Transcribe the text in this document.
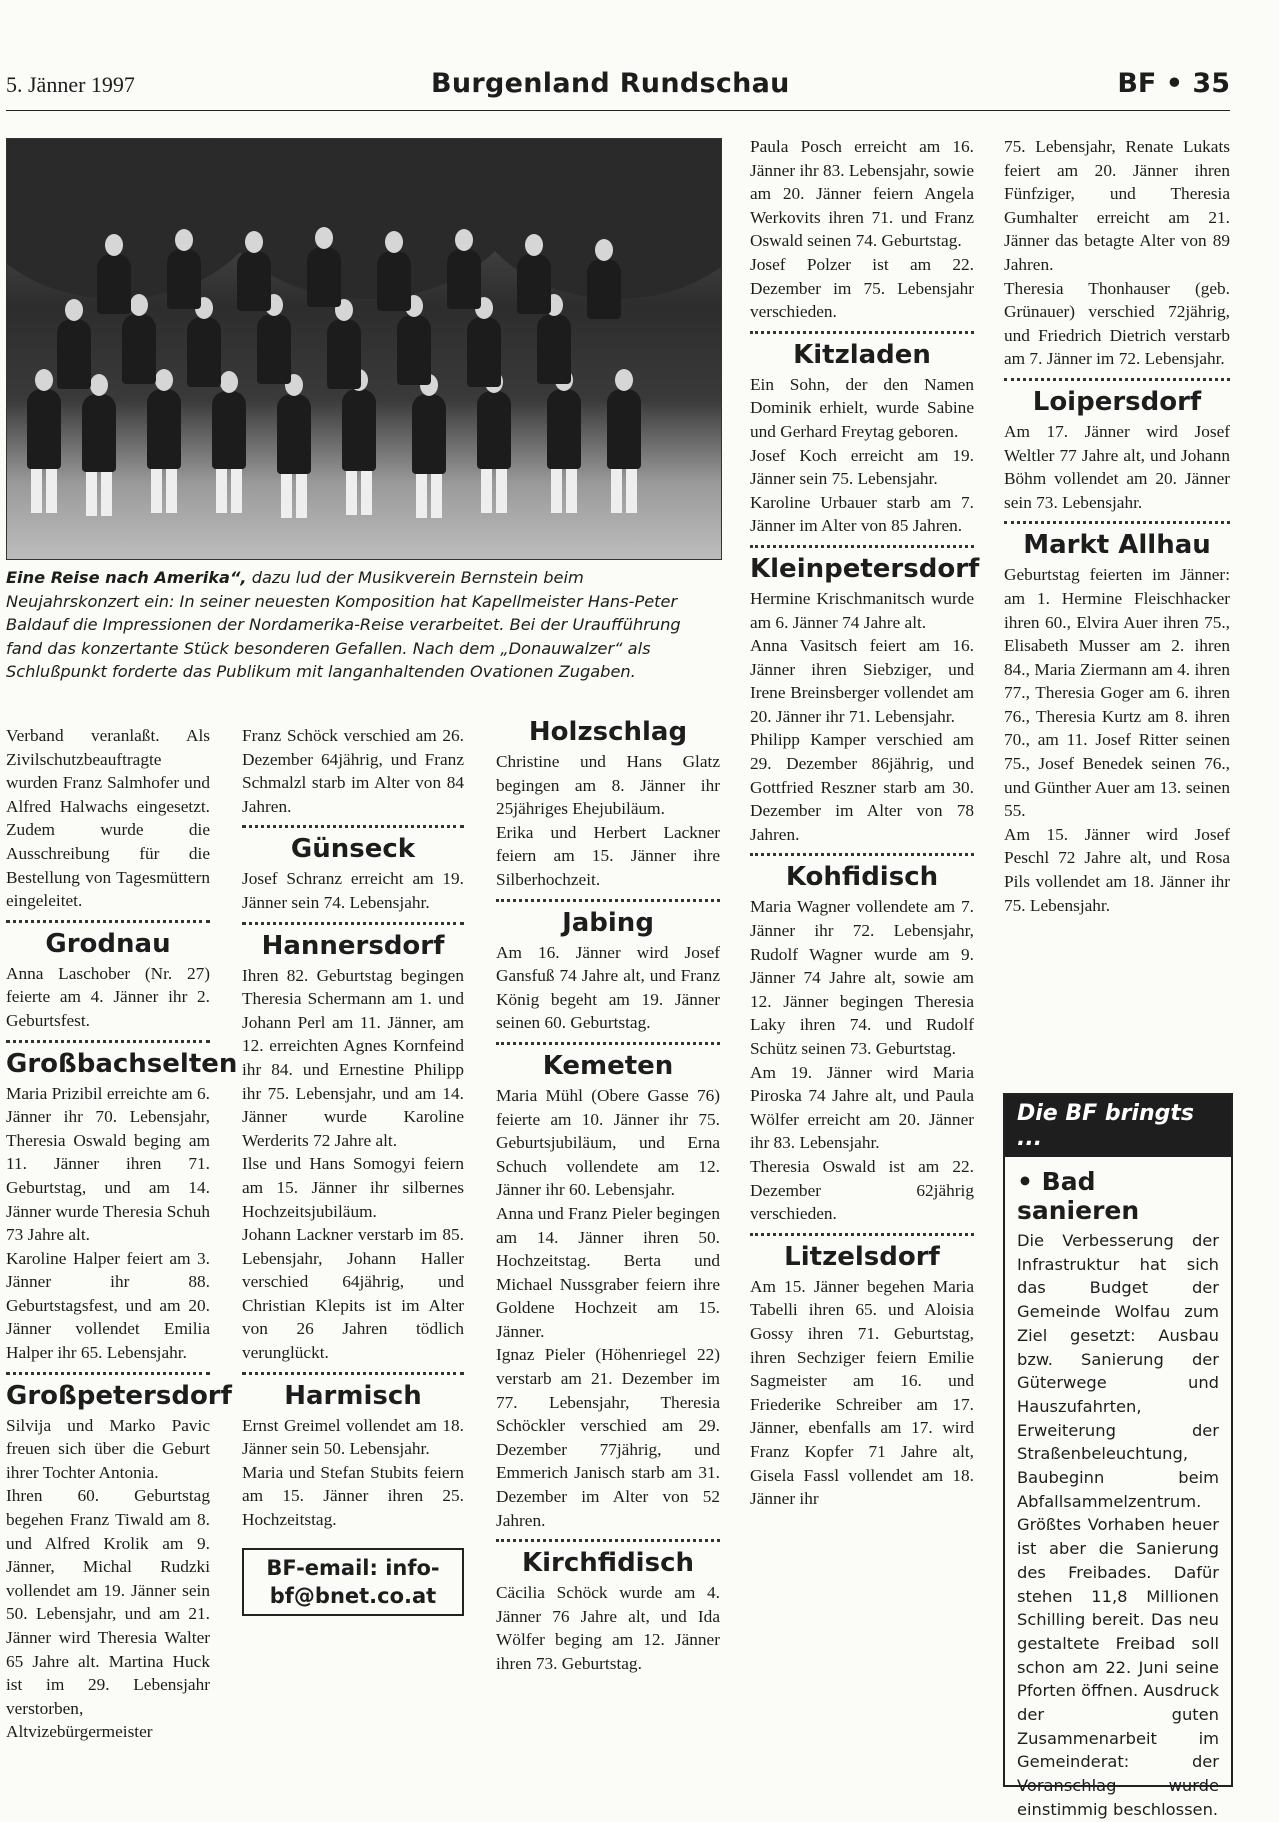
5. Jänner 1997	Burgenland Rundschau	BF • 35
Eine Reise nach Amerika“, dazu lud der Musikverein Bernstein beim Neujahrskonzert ein: In seiner neuesten Komposition hat Kapellmeister Hans-Peter Baldauf die Impressionen der Nordamerika-Reise verarbeitet. Bei der Uraufführung fand das konzertante Stück besonderen Gefallen. Nach dem „Donauwalzer“ als Schlußpunkt forderte das Publikum mit langanhaltenden Ovationen Zugaben.

Verband veranlaßt. Als Zivilschutzbeauftragte wurden Franz Salmhofer und Alfred Halwachs eingesetzt. Zudem wurde die Ausschreibung für die Bestellung von Tagesmüttern eingeleitet.

Grodnau

Anna Laschober (Nr. 27) feierte am 4. Jänner ihr 2. Geburtsfest.

Großbachselten

Maria Prizibil erreichte am 6. Jänner ihr 70. Lebensjahr, Theresia Oswald beging am 11. Jänner ihren 71. Geburtstag, und am 14. Jänner wurde Theresia Schuh 73 Jahre alt.

Karoline Halper feiert am 3. Jänner ihr 88. Geburtstagsfest, und am 20. Jänner vollendet Emilia Halper ihr 65. Lebensjahr.

Großpetersdorf

Silvija und Marko Pavic freuen sich über die Geburt ihrer Tochter Antonia.

Ihren 60. Geburtstag begehen Franz Tiwald am 8. und Alfred Krolik am 9. Jänner, Michal Rudzki vollendet am 19. Jänner sein 50. Lebensjahr, und am 21. Jänner wird Theresia Walter 65 Jahre alt. Martina Huck ist im 29. Lebensjahr verstorben, Altvizebürgermeister

Franz Schöck verschied am 26. Dezember 64jährig, und Franz Schmalzl starb im Alter von 84 Jahren.

Günseck

Josef Schranz erreicht am 19. Jänner sein 74. Lebensjahr.

Hannersdorf

Ihren 82. Geburtstag begingen Theresia Schermann am 1. und Johann Perl am 11. Jänner, am 12. erreichten Agnes Kornfeind ihr 84. und Ernestine Philipp ihr 75. Lebensjahr, und am 14. Jänner wurde Karoline Werderits 72 Jahre alt.

Ilse und Hans Somogyi feiern am 15. Jänner ihr silbernes Hochzeitsjubiläum.

Johann Lackner verstarb im 85. Lebensjahr, Johann Haller verschied 64jährig, und Christian Klepits ist im Alter von 26 Jahren tödlich verunglückt.

Harmisch

Ernst Greimel vollendet am 18. Jänner sein 50. Lebensjahr.

Maria und Stefan Stubits feiern am 15. Jänner ihren 25. Hochzeitstag.

BF-email: info-bf@bnet.co.at
Holzschlag

Christine und Hans Glatz begingen am 8. Jänner ihr 25jähriges Ehejubiläum.

Erika und Herbert Lackner feiern am 15. Jänner ihre Silberhochzeit.

Jabing

Am 16. Jänner wird Josef Gansfuß 74 Jahre alt, und Franz König begeht am 19. Jänner seinen 60. Geburtstag.

Kemeten

Maria Mühl (Obere Gasse 76) feierte am 10. Jänner ihr 75. Geburtsjubiläum, und Erna Schuch vollendete am 12. Jänner ihr 60. Lebensjahr.

Anna und Franz Pieler begingen am 14. Jänner ihren 50. Hochzeitstag. Berta und Michael Nussgraber feiern ihre Goldene Hochzeit am 15. Jänner.

Ignaz Pieler (Höhenriegel 22) verstarb am 21. Dezember im 77. Lebensjahr, Theresia Schöckler verschied am 29. Dezember 77jährig, und Emmerich Janisch starb am 31. Dezember im Alter von 52 Jahren.

Kirchfidisch

Cäcilia Schöck wurde am 4. Jänner 76 Jahre alt, und Ida Wölfer beging am 12. Jänner ihren 73. Geburtstag.

Paula Posch erreicht am 16. Jänner ihr 83. Lebensjahr, sowie am 20. Jänner feiern Angela Werkovits ihren 71. und Franz Oswald seinen 74. Geburtstag.

Josef Polzer ist am 22. Dezember im 75. Lebensjahr verschieden.

Kitzladen

Ein Sohn, der den Namen Dominik erhielt, wurde Sabine und Gerhard Freytag geboren.

Josef Koch erreicht am 19. Jänner sein 75. Lebensjahr.

Karoline Urbauer starb am 7. Jänner im Alter von 85 Jahren.

Kleinpetersdorf

Hermine Krischmanitsch wurde am 6. Jänner 74 Jahre alt.

Anna Vasitsch feiert am 16. Jänner ihren Siebziger, und Irene Breinsberger vollendet am 20. Jänner ihr 71. Lebensjahr.

Philipp Kamper verschied am 29. Dezember 86jährig, und Gottfried Reszner starb am 30. Dezember im Alter von 78 Jahren.

Kohfidisch

Maria Wagner vollendete am 7. Jänner ihr 72. Lebensjahr, Rudolf Wagner wurde am 9. Jänner 74 Jahre alt, sowie am 12. Jänner begingen Theresia Laky ihren 74. und Rudolf Schütz seinen 73. Geburtstag.

Am 19. Jänner wird Maria Piroska 74 Jahre alt, und Paula Wölfer erreicht am 20. Jänner ihr 83. Lebensjahr.

Theresia Oswald ist am 22. Dezember 62jährig verschieden.

Litzelsdorf

Am 15. Jänner begehen Maria Tabelli ihren 65. und Aloisia Gossy ihren 71. Geburtstag, ihren Sechziger feiern Emilie Sagmeister am 16. und Friederike Schreiber am 17. Jänner, ebenfalls am 17. wird Franz Kopfer 71 Jahre alt, Gisela Fassl vollendet am 18. Jänner ihr

75. Lebensjahr, Renate Lukats feiert am 20. Jänner ihren Fünfziger, und Theresia Gumhalter erreicht am 21. Jänner das betagte Alter von 89 Jahren.

Theresia Thonhauser (geb. Grünauer) verschied 72jährig, und Friedrich Dietrich verstarb am 7. Jänner im 72. Lebensjahr.

Loipersdorf

Am 17. Jänner wird Josef Weltler 77 Jahre alt, und Johann Böhm vollendet am 20. Jänner sein 73. Lebensjahr.

Markt Allhau

Geburtstag feierten im Jänner: am 1. Hermine Fleischhacker ihren 60., Elvira Auer ihren 75., Elisabeth Musser am 2. ihren 84., Maria Ziermann am 4. ihren 77., Theresia Goger am 6. ihren 76., Theresia Kurtz am 8. ihren 70., am 11. Josef Ritter seinen 75., Josef Benedek seinen 76., und Günther Auer am 13. seinen 55.

Am 15. Jänner wird Josef Peschl 72 Jahre alt, und Rosa Pils vollendet am 18. Jänner ihr 75. Lebensjahr.

Die BF bringts ...
• Bad sanieren
Die Verbesserung der Infrastruktur hat sich das Budget der Gemeinde Wolfau zum Ziel gesetzt: Ausbau bzw. Sanierung der Güterwege und Hauszufahrten, Erweiterung der Straßenbeleuchtung, Baubeginn beim Abfallsammelzentrum. Größtes Vorhaben heuer ist aber die Sanierung des Freibades. Dafür stehen 11,8 Millionen Schilling bereit. Das neu gestaltete Freibad soll schon am 22. Juni seine Pforten öffnen. Ausdruck der guten Zusammenarbeit im Gemeinderat: der Voranschlag wurde einstimmig beschlossen.
